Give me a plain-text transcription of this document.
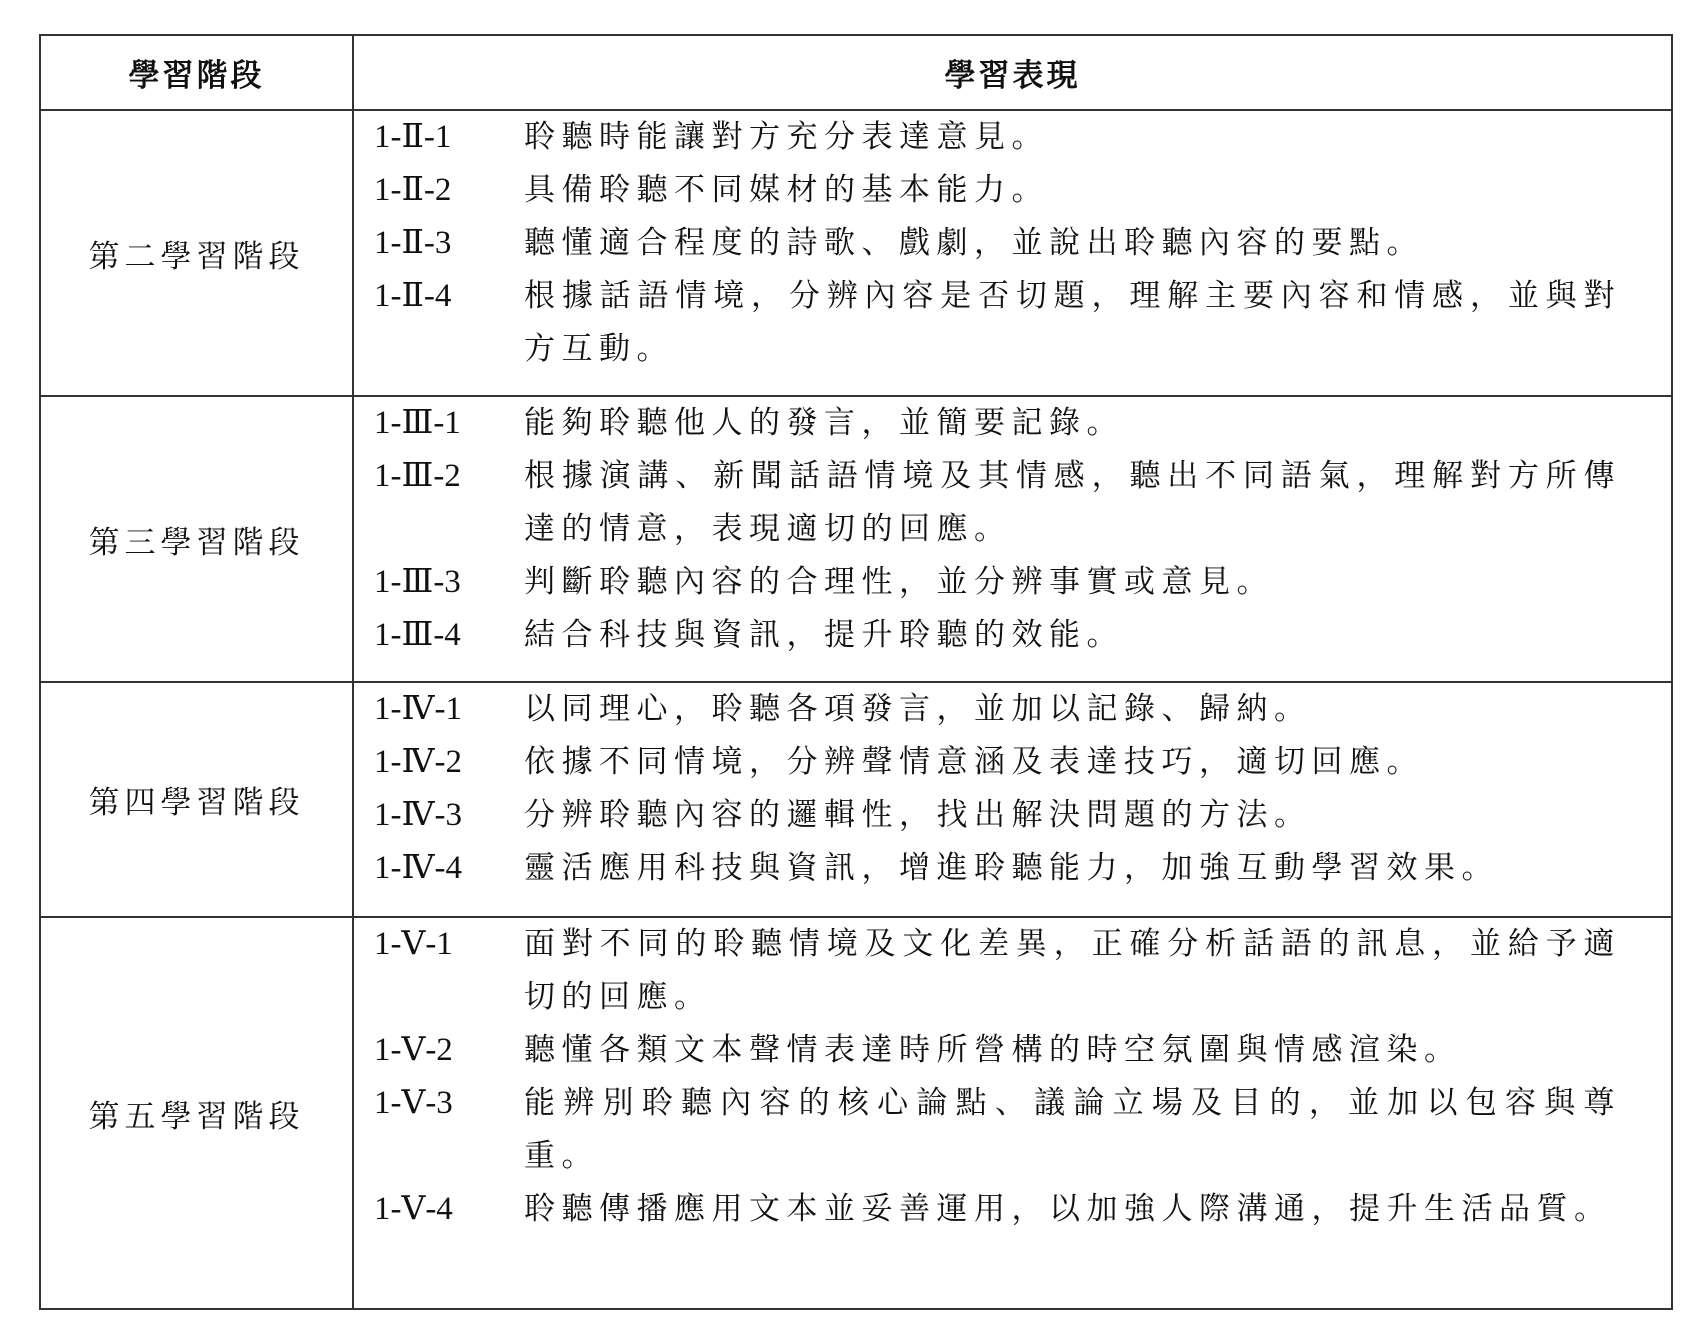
學習階段	學習表現
第二學習階段	
1-Ⅱ-1	聆聽時能讓對方充分表達意見。
1-Ⅱ-2	具備聆聽不同媒材的基本能力。
1-Ⅱ-3	聽懂適合程度的詩歌、戲劇，並說出聆聽內容的要點。
1-Ⅱ-4	根據話語情境，分辨內容是否切題，理解主要內容和情感，並與對方互動。

第三學習階段	
1-Ⅲ-1	能夠聆聽他人的發言，並簡要記錄。
1-Ⅲ-2	根據演講、新聞話語情境及其情感，聽出不同語氣，理解對方所傳達的情意，表現適切的回應。
1-Ⅲ-3	判斷聆聽內容的合理性，並分辨事實或意見。
1-Ⅲ-4	結合科技與資訊，提升聆聽的效能。

第四學習階段	
1-Ⅳ-1	以同理心，聆聽各項發言，並加以記錄、歸納。
1-Ⅳ-2	依據不同情境，分辨聲情意涵及表達技巧，適切回應。
1-Ⅳ-3	分辨聆聽內容的邏輯性，找出解決問題的方法。
1-Ⅳ-4	靈活應用科技與資訊，增進聆聽能力，加強互動學習效果。

第五學習階段	
1-Ⅴ-1	面對不同的聆聽情境及文化差異，正確分析話語的訊息，並給予適切的回應。
1-Ⅴ-2	聽懂各類文本聲情表達時所營構的時空氛圍與情感渲染。
1-Ⅴ-3	能辨別聆聽內容的核心論點、議論立場及目的，並加以包容與尊重。
1-Ⅴ-4	聆聽傳播應用文本並妥善運用，以加強人際溝通，提升生活品質。
